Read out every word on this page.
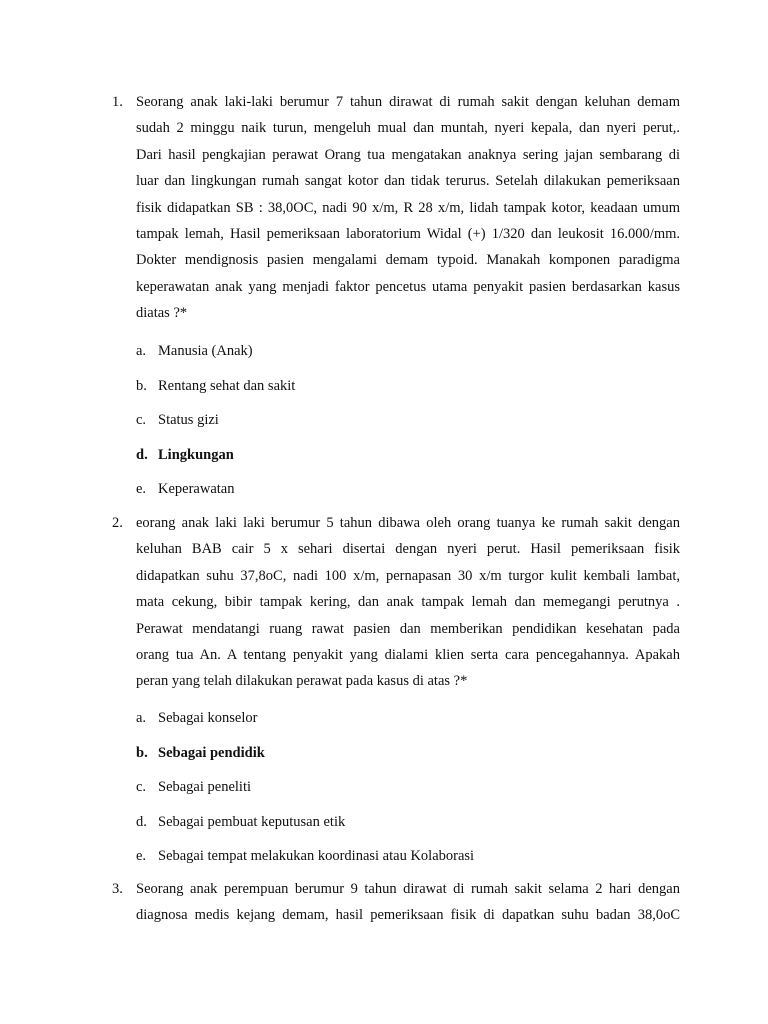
1. Seorang anak laki-laki berumur 7 tahun dirawat di rumah sakit dengan keluhan demam
sudah 2 minggu naik turun, mengeluh mual dan muntah, nyeri kepala, dan nyeri perut,.
Dari hasil pengkajian perawat Orang tua mengatakan anaknya sering jajan sembarang di
luar dan lingkungan rumah sangat kotor dan tidak terurus. Setelah dilakukan pemeriksaan
fisik didapatkan SB : 38,0OC, nadi 90 x/m, R 28 x/m, lidah tampak kotor, keadaan umum
tampak lemah, Hasil pemeriksaan laboratorium Widal (+) 1/320 dan leukosit 16.000/mm.
Dokter mendignosis pasien mengalami demam typoid. Manakah komponen paradigma
keperawatan anak yang menjadi faktor pencetus utama penyakit pasien berdasarkan kasus
diatas ?*
a. Manusia (Anak)
b. Rentang sehat dan sakit
c. Status gizi
d. Lingkungan
e. Keperawatan
2. eorang anak laki laki berumur 5 tahun dibawa oleh orang tuanya ke rumah sakit dengan
keluhan BAB cair 5 x sehari disertai dengan nyeri perut. Hasil pemeriksaan fisik
didapatkan suhu 37,8oC, nadi 100 x/m, pernapasan 30 x/m turgor kulit kembali lambat,
mata cekung, bibir tampak kering, dan anak tampak lemah dan memegangi perutnya .
Perawat mendatangi ruang rawat pasien dan memberikan pendidikan kesehatan pada
orang tua An. A tentang penyakit yang dialami klien serta cara pencegahannya. Apakah
peran yang telah dilakukan perawat pada kasus di atas ?*
a. Sebagai konselor
b. Sebagai pendidik
c. Sebagai peneliti
d. Sebagai pembuat keputusan etik
e. Sebagai tempat melakukan koordinasi atau Kolaborasi
3. Seorang anak perempuan berumur 9 tahun dirawat di rumah sakit selama 2 hari dengan
diagnosa medis kejang demam, hasil pemeriksaan fisik di dapatkan suhu badan 38,0oC
